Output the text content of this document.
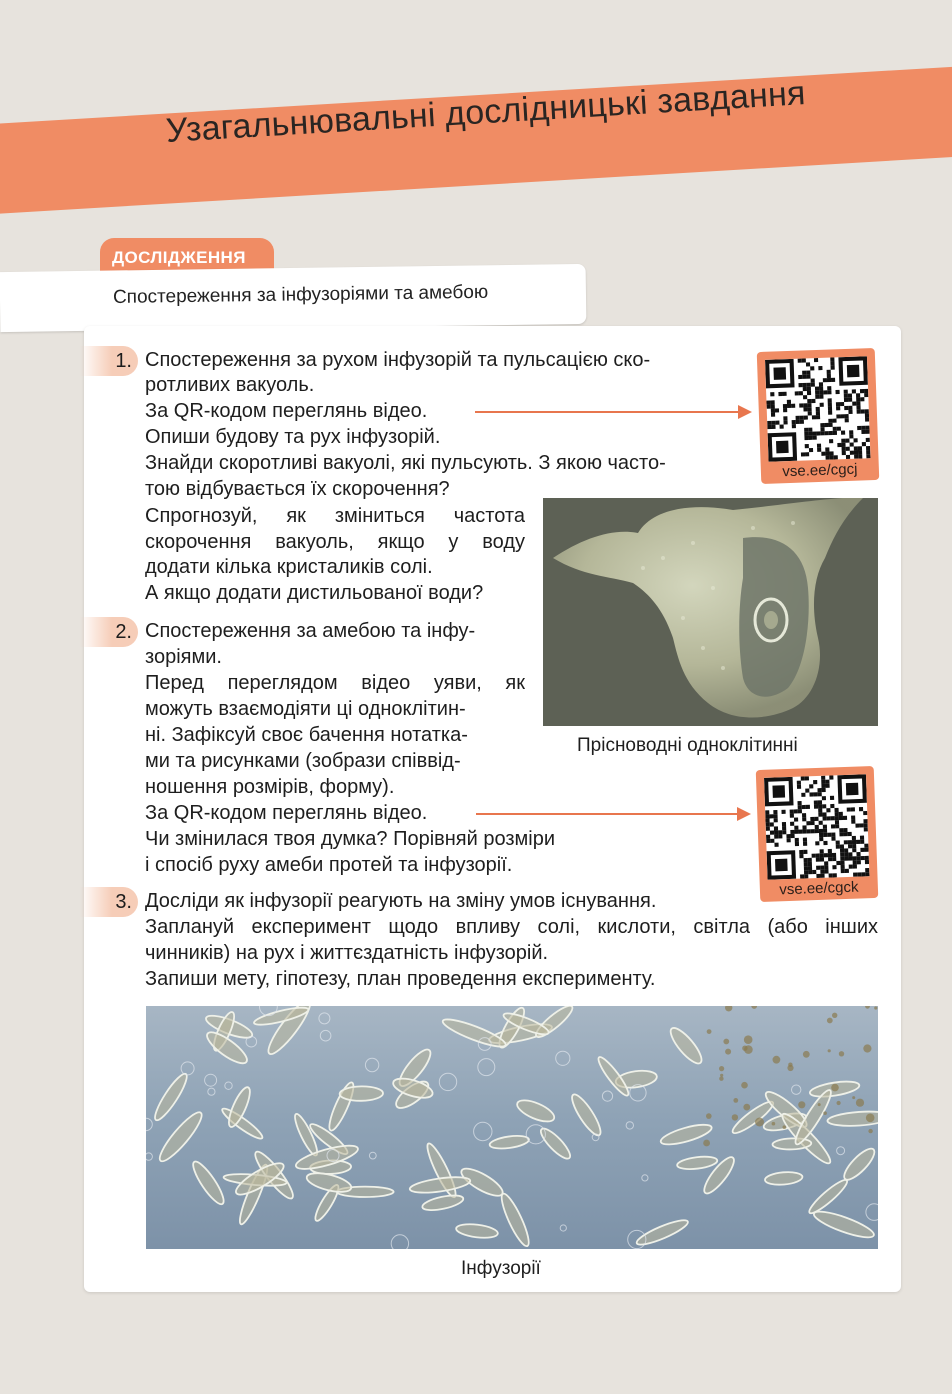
Узагальнювальні дослідницькі завдання
ДОСЛІДЖЕННЯ
Спостереження за інфузоріями та амебою
1. Спостереження за рухом інфузорій та пульсацією ско-
ротливих вакуоль.
За QR-кодом переглянь відео.
Опиши будову та рух інфузорій.
Знайди скоротливі вакуолі, які пульсують. З якою часто-
тою відбувається їх скорочення?
Спрогнозуй, як зміниться частота
скорочення вакуоль, якщо у воду
додати кілька кристаликів солі.
А якщо додати дистильованої води?
vse.ee/cgcj
Прісноводні одноклітинні
2. Спостереження за амебою та інфу-
зоріями.
Перед переглядом відео уяви, як
можуть взаємодіяти ці одноклітин-
ні. Зафіксуй своє бачення нотатка-
ми та рисунками (зобрази співвід-
ношення розмірів, форму).
За QR-кодом переглянь відео.
Чи змінилася твоя думка? Порівняй розміри
і спосіб руху амеби протей та інфузорії.
vse.ee/cgck
3. Досліди як інфузорії реагують на зміну умов існування.
Заплануй експеримент щодо впливу солі, кислоти, світла (або інших
чинників) на рух і життєздатність інфузорій.
Запиши мету, гіпотезу, план проведення експерименту.
Інфузорії
